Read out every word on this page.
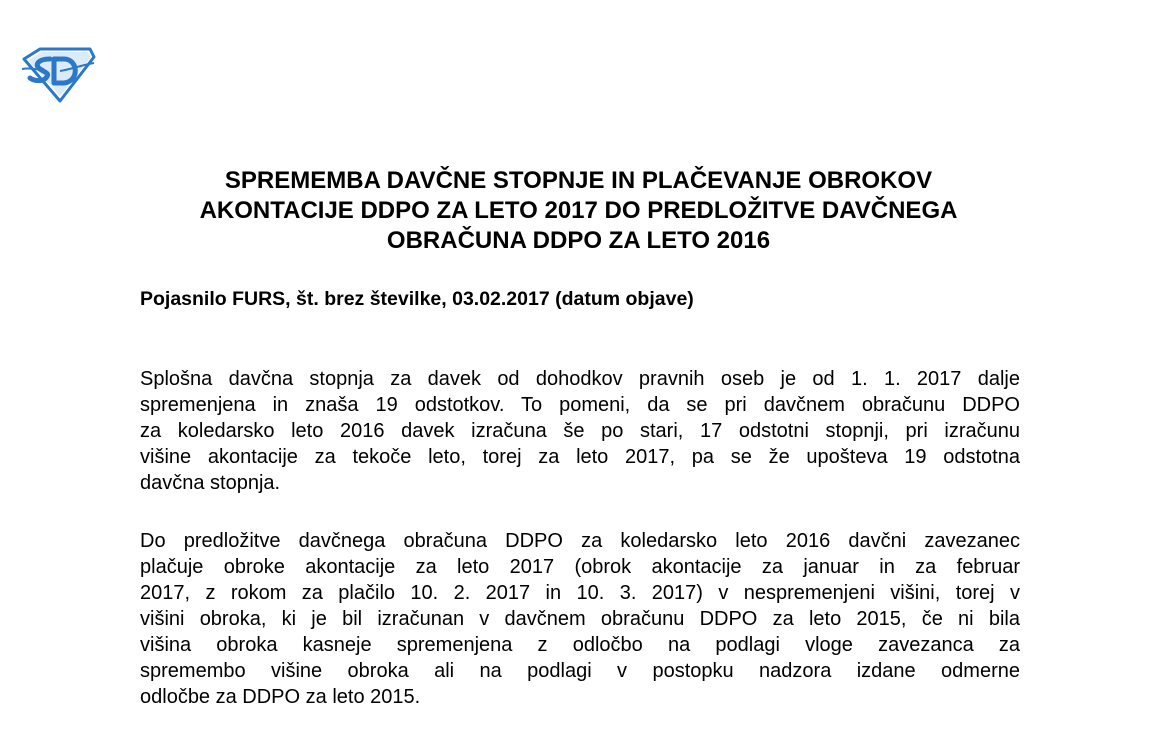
SPREMEMBA DAVČNE STOPNJE IN PLAČEVANJE OBROKOV
AKONTACIJE DDPO ZA LETO 2017 DO PREDLOŽITVE DAVČNEGA
OBRAČUNA DDPO ZA LETO 2016
Pojasnilo FURS, št. brez številke, 03.02.2017 (datum objave)
Splošna davčna stopnja za davek od dohodkov pravnih oseb je od 1. 1. 2017 dalje
spremenjena in znaša 19 odstotkov. To pomeni, da se pri davčnem obračunu DDPO
za koledarsko leto 2016 davek izračuna še po stari, 17 odstotni stopnji, pri izračunu
višine akontacije za tekoče leto, torej za leto 2017, pa se že upošteva 19 odstotna
davčna stopnja.
Do predložitve davčnega obračuna DDPO za koledarsko leto 2016 davčni zavezanec
plačuje obroke akontacije za leto 2017 (obrok akontacije za januar in za februar
2017, z rokom za plačilo 10. 2. 2017 in 10. 3. 2017) v nespremenjeni višini, torej v
višini obroka, ki je bil izračunan v davčnem obračunu DDPO za leto 2015, če ni bila
višina obroka kasneje spremenjena z odločbo na podlagi vloge zavezanca za
spremembo višine obroka ali na podlagi v postopku nadzora izdane odmerne
odločbe za DDPO za leto 2015.
